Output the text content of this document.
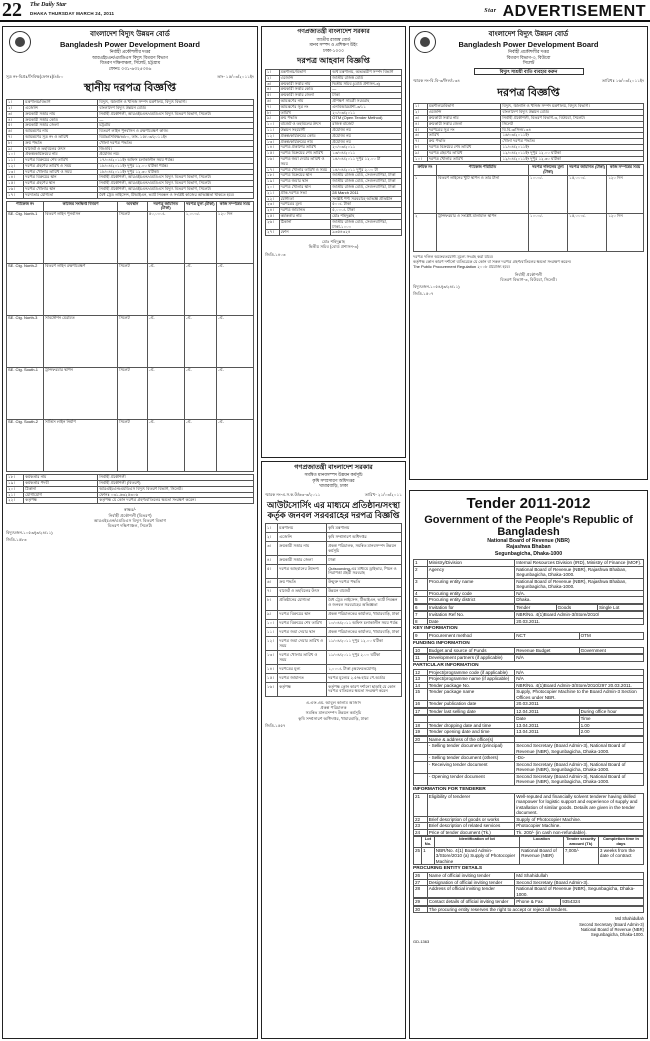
22 The Daily Star
DHAKA THURSDAY MARCH 24, 2011	Star ADVERTISEMENT
বাংলাদেশ বিদ্যুৎ উন্নয়ন বোর্ড
Bangladesh Power Development Board
নির্বাহী প্রকৌশলীর দপ্তর
আরএইচএন/এমডিএস বিদ্যুৎ বিতরণ বিভাগ
বিতরণ দক্ষিণাঞ্চল, সিলেট, চট্টগ্রাম
ফোনঃ ০৩১-৬৩২৫৩০৬
সূত্র নং-বিপ্রঃ/সিবিক্ষ(ফোনঃ)/৪/৮০	তাং- ১৫/০৩/২০১১ইং
স্থানীয় দরপত্র বিজ্ঞপ্তি
১।	মন্ত্রণালয়/বিভাগ	বিদ্যুৎ, জ্বালানি ও খনিজ সম্পদ মন্ত্রণালয়, বিদ্যুৎ বিভাগ।
২।	এজেন্সি	বাংলাদেশ বিদ্যুৎ উন্নয়ন বোর্ড।
৩।	ক্রয়কারী সত্তার নাম	নির্বাহী প্রকৌশলী, আরএইচএন/এমডিএস বিদ্যুৎ বিতরণ বিভাগ, সিলেট।
৪।	ক্রয়কারী সত্তার কোড	—
৫।	ক্রয়কারী সত্তার জেলা	চট্টগ্রাম
৬।	আমন্ত্রণের নাম	বিতরণ লাইন পুনর্বাসন ও রক্ষণাবেক্ষণ কাজ।
৭।	আমন্ত্রণের সূত্র নং ও তারিখ	বিপ্রঃ/সিবিক্ষ/৪/৮০, তাং- ১৫/০৩/২০১১ইং
৮।	ক্রয় পদ্ধতি	খোলা দরপত্র পদ্ধতি।
৯।	বাজেট ও তহবিলের উৎস	জিওবি।
১০।	প্রকল্প/কার্যক্রমের নাম	প্রযোজ্য নয়।
১১।	দরপত্র বিক্রয়ের শেষ তারিখ	১৭/০৪/২০১১ইং অফিস চলাকালীন সময় পর্যন্ত।
১২।	দরপত্র গ্রহণের তারিখ ও সময়	১৮/০৪/২০১১ইং দুপুর ১২.০০ ঘটিকা পর্যন্ত।
১৩।	দরপত্র খোলার তারিখ ও সময়	১৮/০৪/২০১১ইং দুপুর ১২.৩০ ঘটিকা।
১৪।	দরপত্র বিক্রয়ের স্থান	নির্বাহী প্রকৌশলী, আরএইচএন/এমডিএস বিদ্যুৎ বিতরণ বিভাগ, সিলেট।
১৫।	দরপত্র গ্রহণের স্থান	নির্বাহী প্রকৌশলী, আরএইচএন/এমডিএস বিদ্যুৎ বিতরণ বিভাগ, সিলেট।
১৬।	দরপত্র খোলার স্থান	নির্বাহী প্রকৌশলী, আরএইচএন/এমডিএস বিদ্যুৎ বিতরণ বিভাগ, সিলেট।
১৭।	দরদাতার যোগ্যতা	বৈধ ট্রেড লাইসেন্স, টিআইএন, ভ্যাট নিবন্ধন ও সংশ্লিষ্ট কাজের অভিজ্ঞতা থাকতে হবে।
প্যাকেজ নং	কাজের সংক্ষিপ্ত বিবরণ	অবস্থান	দরপত্র জামানত (টাকা)	দরপত্র মূল্য (টাকা)	কাজ সম্পন্নের সময়
SE. Ctg. North-1	বিতরণ লাইন পুনর্বাসন	সিলেট	৫০,০০০/-	১,০০০/-	১২০ দিন
SE. Ctg. North-2	বিতরণ লাইন রক্ষণাবেক্ষণ	সিলেট	-ঐ-	-ঐ-	-ঐ-
SE. Ctg. North-3	সাবস্টেশন মেরামত	সিলেট	-ঐ-	-ঐ-	-ঐ-
SE. Ctg. South-1	ট্রান্সফরমার স্থাপন	সিলেট	-ঐ-	-ঐ-	-ঐ-
SE. Ctg. South-2	সার্ভিস লাইন নির্মাণ	সিলেট	-ঐ-	-ঐ-	-ঐ-
১৮।	কর্মকর্তার নাম	নির্বাহী প্রকৌশলী
১৯।	কর্মকর্তার পদবী	নির্বাহী প্রকৌশলী (বিতরণ)
২০।	ঠিকানা	আরএইচএন/এমডিএস বিদ্যুৎ বিতরণ বিভাগ, সিলেট।
২১।	যোগাযোগ	ফোনঃ ০৩১-৬৩২৫৩০৬
২২।	কর্তৃপক্ষ	কর্তৃপক্ষ যে কোন দরপত্র গ্রহণ/বাতিলের ক্ষমতা সংরক্ষণ করেন।
স্বাক্ষর/-
নির্বাহী প্রকৌশলী (বিতরণ)
আরএইচএন/এমডিএস বিদ্যুৎ বিতরণ বিভাগ
বিতরণ দক্ষিণাঞ্চল, সিলেট।
বিদ্যুৎ/জন-১০৫৩/(৩/২৪/১১)
জিডি-১৫৮৩
গণপ্রজাতন্ত্রী বাংলাদেশ সরকার
জাতীয় রাজস্ব বোর্ড
মানব সম্পদ ও প্রশিক্ষণ উইং
ঢাকা-১০০০
দরপত্র আহবান বিজ্ঞপ্তি
১।	মন্ত্রণালয়/বিভাগ	অর্থ মন্ত্রণালয়, অভ্যন্তরীণ সম্পদ বিভাগ
২।	এজেন্সি	জাতীয় রাজস্ব বোর্ড
৩।	ক্রয়কারী সত্তার নাম	দ্বিতীয় সচিব (বোর্ড প্রশাসন-৩)
৪।	ক্রয়কারী সত্তার কোড	—
৫।	ক্রয়কারী সত্তার জেলা	ঢাকা
৬।	আমন্ত্রণের নাম	প্রশিক্ষণ সামগ্রী সরবরাহ
৭।	আমন্ত্রণের সূত্র নং	এনবিআর/প্রশা-৩/১১
৮।	তারিখ	২০/০৩/২০১১
৯।	ক্রয় পদ্ধতি	OTM (Open Tender Method)
১০।	বাজেট ও তহবিলের উৎস	রাজস্ব বাজেট
১১।	উন্নয়ন সহযোগী	প্রযোজ্য নয়
১২।	প্রকল্প/কার্যক্রমের কোড	প্রযোজ্য নয়
১৩।	প্রকল্প/কার্যক্রমের নাম	প্রযোজ্য নয়
১৪।	দরপত্র প্রকাশের তারিখ	২০/০৩/২০১১
১৫।	দরপত্র বিক্রয়ের শেষ তারিখ	১৩/০৪/২০১১
১৬।	দরপত্র জমা দেয়ার তারিখ ও সময়	১৪/০৪/২০১১ দুপুর ১২.০০ টা
১৭।	দরপত্র খোলার তারিখ ও সময়	১৪/০৪/২০১১ দুপুর ২.০০ টা
১৮।	দরপত্র বিক্রয়ের স্থান	জাতীয় রাজস্ব বোর্ড, সেগুনবাগিচা, ঢাকা
১৯।	দরপত্র জমার স্থান	জাতীয় রাজস্ব বোর্ড, সেগুনবাগিচা, ঢাকা
২০।	দরপত্র খোলার স্থান	জাতীয় রাজস্ব বোর্ড, সেগুনবাগিচা, ঢাকা
২১।	প্রাক-দরপত্র সভা	28 March 2011
২২।	যোগ্যতা	সংশ্লিষ্ট পণ্য সরবরাহে অভিজ্ঞ প্রতিষ্ঠান
২৩।	দরপত্রের মূল্য	৫০০/- টাকা
২৪।	দরপত্র জামানত	৫,০০০/- টাকা
২৫।	কর্মকর্তার নাম	মোঃ শহিদুল্লাহ
২৬।	ঠিকানা	জাতীয় রাজস্ব বোর্ড, সেগুনবাগিচা, ঢাকা-১০০০
২৭।	ফোন	৯৩৫৪৩২৪
মোঃ শহিদুল্লাহ
দ্বিতীয় সচিব (বোর্ড প্রশাসন-৩)
জিডি-১৪০৩
গণপ্রজাতন্ত্রী বাংলাদেশ সরকার
সমন্বিত মানবসম্পদ উন্নয়ন কর্মসূচি
কৃষি সম্প্রসারণ অধিদপ্তর
খামারবাড়ি, ঢাকা
স্মারক নং-এ.স.ক.উ/৬৩-৩/২০১১	তারিখ- ২১/০৩/২০১১
আউটসোর্সিং এর মাধ্যমে প্রতিষ্ঠান/সংস্থা কর্তৃক জনবল সরবরাহের দরপত্র বিজ্ঞপ্তি
১।	মন্ত্রণালয়	কৃষি মন্ত্রণালয়
২।	এজেন্সি	কৃষি সম্প্রসারণ অধিদপ্তর
৩।	ক্রয়কারী সত্তার নাম	প্রকল্প পরিচালক, সমন্বিত মানবসম্পদ উন্নয়ন কর্মসূচি
৪।	ক্রয়কারী সত্তার জেলা	ঢাকা
৫।	দরপত্র আহবানের উদ্দেশ্য	Outsourcing-এর মাধ্যমে ড্রাইভার, পিয়ন ও নিরাপত্তা প্রহরী সরবরাহ
৬।	ক্রয় পদ্ধতি	উন্মুক্ত দরপত্র পদ্ধতি
৭।	বাজেট ও তহবিলের উৎস	উন্নয়ন বাজেট
৮।	প্রতিষ্ঠানের যোগ্যতা	বৈধ ট্রেড লাইসেন্স, টিআইএন, ভ্যাট নিবন্ধন ও জনবল সরবরাহের অভিজ্ঞতা
৯।	দরপত্র বিক্রয়ের স্থান	প্রকল্প পরিচালকের কার্যালয়, খামারবাড়ি, ঢাকা
১০।	দরপত্র বিক্রয়ের শেষ তারিখ	১০/০৪/২০১১ অফিস চলাকালীন সময় পর্যন্ত
১১।	দরপত্র জমা দেয়ার স্থান	প্রকল্প পরিচালকের কার্যালয়, খামারবাড়ি, ঢাকা
১২।	দরপত্র জমা দেয়ার তারিখ ও সময়	১১/০৪/২০১১ দুপুর ১২.০০ ঘটিকা
১৩।	দরপত্র খোলার তারিখ ও সময়	১১/০৪/২০১১ দুপুর ২.০০ ঘটিকা
১৪।	দরপত্রের মূল্য	১,০০০/- টাকা (অফেরতযোগ্য)
১৫।	দরপত্র জামানত	দরপত্র মূল্যের ২.৫% হারে পে-অর্ডার
১৬।	কর্তৃপক্ষ	কর্তৃপক্ষ কোন কারণ দর্শানো ছাড়াই যে কোন দরপত্র বাতিলের ক্ষমতা সংরক্ষণ করেন
এ.এফ.এম. আবুল কালাম আজাদ
প্রকল্প পরিচালক
সমন্বিত মানবসম্পদ উন্নয়ন কর্মসূচি
কৃষি সম্প্রসারণ অধিদপ্তর, খামারবাড়ি, ঢাকা
জিডি-১৫৫৭
বাংলাদেশ বিদ্যুৎ উন্নয়ন বোর্ড
Bangladesh Power Development Board
নির্বাহী প্রকৌশলীর দপ্তর
বিতরণ বিভাগ-৩, বিউবো
সিলেট
বিদ্যুৎ সাশ্রয়ী বাতি ব্যবহার করুন
স্মারক নং-বি.বি-৩/সিল/১৩৪	তারিখঃ ১৬/০৩/২০১১ইং
দরপত্র বিজ্ঞপ্তি
১।	মন্ত্রণালয়/বিভাগ	বিদ্যুৎ, জ্বালানি ও খনিজ সম্পদ মন্ত্রণালয়, বিদ্যুৎ বিভাগ।
২।	এজেন্সি	বাংলাদেশ বিদ্যুৎ উন্নয়ন বোর্ড।
৩।	ক্রয়কারী সত্তার নাম	নির্বাহী প্রকৌশলী, বিতরণ বিভাগ-৩, বিউবো, সিলেট।
৪।	ক্রয়কারী সত্তার জেলা	সিলেট
৫।	দরপত্রের সূত্র নং	বি.বি-৩/সিল/১৩৪
৬।	তারিখ	১৬/০৩/২০১১ইং
৭।	ক্রয় পদ্ধতি	খোলা দরপত্র পদ্ধতি।
৮।	দরপত্র বিক্রয়ের শেষ তারিখ	১১/০৪/২০১১ইং
৯।	দরপত্র গ্রহণের তারিখ	১২/০৪/২০১১ইং দুপুর ১২.০০ ঘটিকা
১০।	দরপত্র খোলার তারিখ	১২/০৪/২০১১ইং দুপুর ১২.৩০ ঘটিকা
ক্রমিক নং	প্যাকেজ পরিচিতি	দরপত্র দলিলের মূল্য (টাকা)	দরপত্র জামানত (টাকা)	কাজ সম্পন্নের সময়
১	বিতরণ লাইনের খুঁটি স্থাপন ও তার টানা	১০০০/-	১৫,০০০/-	১২০ দিন
২	ট্রান্সফরমার ও সংশ্লিষ্ট মালামাল স্থাপন	১০০০/-	১৫,০০০/-	১২০ দিন
দরপত্র দলিল অফেরতযোগ্য মূল্যে সংগ্রহ করা যাবে।
কর্তৃপক্ষ কোন কারণ দর্শানো ব্যতিরেকে যে কোন বা সকল দরপত্র গ্রহণ/বাতিলের ক্ষমতা সংরক্ষণ করেন।
The Public Procurement Regulation ২০০৮ প্রযোজ্য হবে।
নির্বাহী প্রকৌশলী
বিতরণ বিভাগ-৩, বিউবো, সিলেট।
বিদ্যুৎ/জন-১০৫৪/(৩/২৪/১১)
জিডি-১৫০৭
Tender 2011-2012
Government of the People's Republic of Bangladesh
National Board of Revenue (NBR)
Rajashwa Bhaban
Segunbagicha, Dhaka-1000
1	Ministry/Division	Internal Resources Division (IRD), Ministry of Finance (MOF).
2	Agency	National Board of Revenue (NBR), Rajashwa Bhaban, Segunbagicha, Dhaka-1000.
3	Procuring entity name	National Board of Revenue (NBR), Rajashwa Bhaban, Segunbagicha, Dhaka-1000.
4	Procuring entity code	N/A.
5	Procuring entity district	Dhaka.
6	Invitation for	Tender	Goods	Single Lot
7	Invitation Ref No.	NBR/No. 4(1)Board Admin-3/Store/2010/
8	Date	20.03.2011.
KEY INFORMATION
9	Procurement method	NCT	OTM
FUNDING INFORMATION
10	Budget and source of Funds	Revenue Budget	Government
11	Development partners (if applicable)	N/A
PARTICULAR INFORMATION
12	Project/programme code (if applicable)	N/A
13	Project/programme name (if applicable)	N/A
14	Tender package No.	NBR/No. 4(1)Board Admin-3/Store/2010/297 20.03.2011.
15	Tender package name	Supply, Photocopier Machine to the Board Admin-3 Section Offices under NBR.
16	Tender publication date	20.03.2011
17	Tender last selling date	12.04.2011	During office hour
		Date	Time
18	Tender dropping date and time	13.04.2011	1.00
19	Tender opening date and time	13.04.2011	2.00
20	Name & address of the office(s)	
	- Selling tender document (principal)	Second Secretary (Board Admin-3), National Board of Revenue (NBR), Segunbagicha, Dhaka-1000.
	- Selling tender document (others)	-Do-
	- Receiving tender document	Second Secretary (Board Admin-3), National Board of Revenue (NBR), Segunbagicha, Dhaka-1000.
	- Opening tender document	Second Secretary (Board Admin-3), National Board of Revenue (NBR), Segunbagicha, Dhaka-1000.
INFORMATION FOR TENDERER
21	Eligibility of tenderer	Well-reputed and financially solvent tenderer having skilled manpower for logistic support and experience of supply and installation of similar goods. Details are given in the tender document.
22	Brief description of goods or works	Supply of Photocopier Machine.
23	Brief description of related services	Photocopier Machine.
24	Price of tender document (Tk.)	Tk. 200/- (in cash non-refundable).
	Lot No.	Identification of lot	Location	Tender security amount (Tk)	Completion time in days
25	1	NBR/No. 4(1) Board Admin-3/Store/2010 (a) Supply of Photocopier Machine	National Board of Revenue (NBR)	7,000/-	3 weeks from the date of contract
PROCURING ENTITY DETAILS
26	Name of official inviting tender	Md Shahidullah
27	Designation of official inviting tender	Second Secretary (Board Admin-3).
28	Address of official inviting tender	National Board of Revenue (NBR), Segunbagicha, Dhaka-1000.
29	Contact details of official inviting tender	Phone & Fax	9354324
30	The procuring entity reserves the right to accept or reject all tenders.
Md Shahidullah
Second Secretary (Board Admin-3)
National Board of Revenue (NBR)
Segunbagicha, Dhaka-1000.
GD-1363
